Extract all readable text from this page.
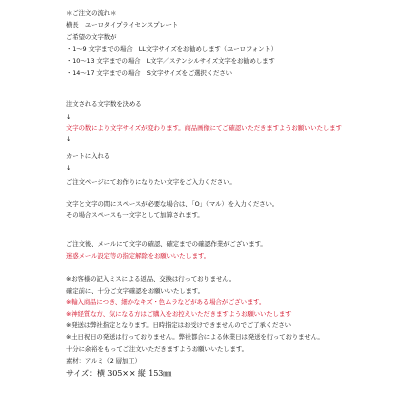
＊ご注文の流れ＊
横長　ユーロタイプライセンスプレート
ご希望の文字数が
・1～9 文字までの場合　LL文字サイズをお勧めします（ユーロフォント）
・10～13 文字までの場合　L文字／ステンシルサイズ文字をお勧めします
・14～17 文字までの場合　S文字サイズをご選択ください
注文される文字数を決める
↓
文字の数により文字サイズが変わります。商品画像にてご確認いただきますようお願いいたします
↓
カートに入れる
↓
ご注文ページにてお作りになりたい文字をご入力ください。
文字と文字の間にスペースが必要な場合は、「O」（マル）を入力ください。
その場合スペースも一文字として加算されます。
ご注文後、メールにて文字の確認、確定までの確認作業がございます。
迷惑メール設定等の指定解除をお願いいたします。
※お客様の記入ミスによる返品、交換は行っておりません。
確定前に、十分ご文字確認をお願いいたします。
※輸入商品につき、細かなキズ・色ムラなどがある場合がございます。
※神経質な方、気になる方はご購入をお控えいただきますようお願いいたします
※発送は弊社指定となります。日時指定はお受けできませんのでご了承ください
※土日祝日の発送は行っておりません。弊社都合による休業日は発送を行っておりません。
十分に余裕をもってご注文いただきますようお願いいたします。
素材：アルミ（2 層加工）
サイズ：横 305×× 縦 153㎜
